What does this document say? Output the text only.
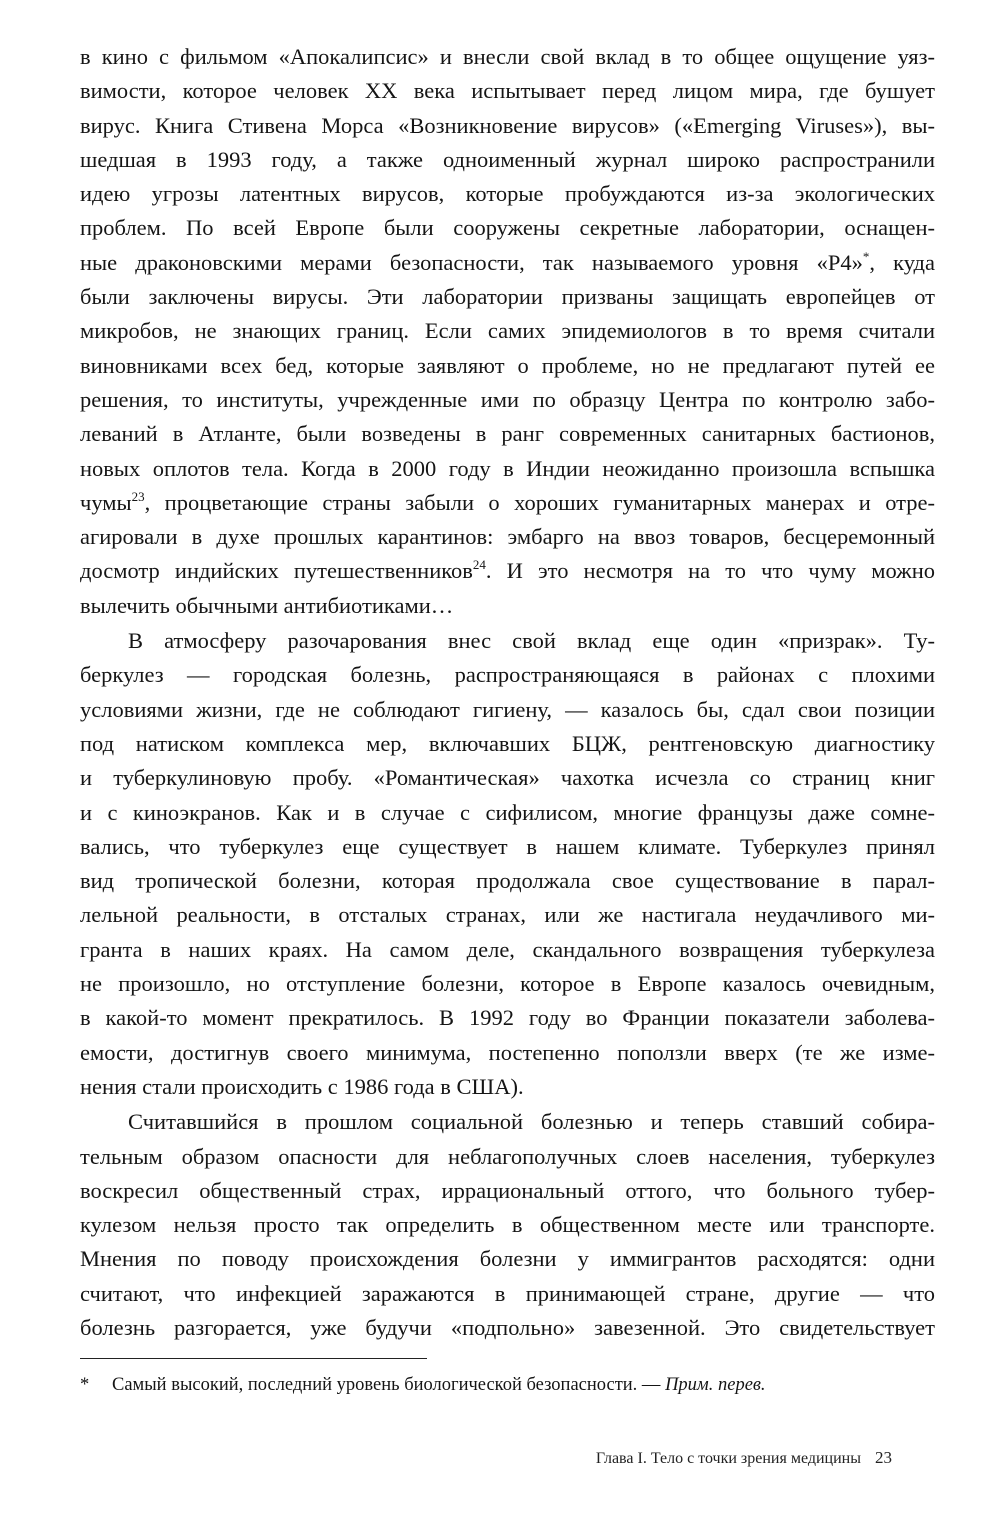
в кино с фильмом «Апокалипсис» и внесли свой вклад в то общее ощущение уяз-
вимости, которое человек XX века испытывает перед лицом мира, где бушует
вирус. Книга Стивена Морса «Возникновение вирусов» («Emerging Viruses»), вы-
шедшая в 1993 году, а также одноименный журнал широко распространили
идею угрозы латентных вирусов, которые пробуждаются из-за экологических
проблем. По всей Европе были сооружены секретные лаборатории, оснащен-
ные драконовскими мерами безопасности, так называемого уровня «Р4»*, куда
были заключены вирусы. Эти лаборатории призваны защищать европейцев от
микробов, не знающих границ. Если самих эпидемиологов в то время считали
виновниками всех бед, которые заявляют о проблеме, но не предлагают путей ее
решения, то институты, учрежденные ими по образцу Центра по контролю забо-
леваний в Атланте, были возведены в ранг современных санитарных бастионов,
новых оплотов тела. Когда в 2000 году в Индии неожиданно произошла вспышка
чумы$^{23}$, процветающие страны забыли о хороших гуманитарных манерах и отре-
агировали в духе прошлых карантинов: эмбарго на ввоз товаров, бесцеремонный
досмотр индийских путешественников$^{24}$. И это несмотря на то что чуму можно
вылечить обычными антибиотиками…
В атмосферу разочарования внес свой вклад еще один «призрак». Ту-
беркулез — городская болезнь, распространяющаяся в районах с плохими
условиями жизни, где не соблюдают гигиену, — казалось бы, сдал свои позиции
под натиском комплекса мер, включавших БЦЖ, рентгеновскую диагностику
и туберкулиновую пробу. «Романтическая» чахотка исчезла со страниц книг
и с киноэкранов. Как и в случае с сифилисом, многие французы даже сомне-
вались, что туберкулез еще существует в нашем климате. Туберкулез принял
вид тропической болезни, которая продолжала свое существование в парал-
лельной реальности, в отсталых странах, или же настигала неудачливого ми-
гранта в наших краях. На самом деле, скандального возвращения туберкулеза
не произошло, но отступление болезни, которое в Европе казалось очевидным,
в какой-то момент прекратилось. В 1992 году во Франции показатели заболева-
емости, достигнув своего минимума, постепенно поползли вверх (те же изме-
нения стали происходить с 1986 года в США).
Считавшийся в прошлом социальной болезнью и теперь ставший собира-
тельным образом опасности для неблагополучных слоев населения, туберкулез
воскресил общественный страх, иррациональный оттого, что больного тубер-
кулезом нельзя просто так определить в общественном месте или транспорте.
Мнения по поводу происхождения болезни у иммигрантов расходятся: одни
считают, что инфекцией заражаются в принимающей стране, другие — что
болезнь разгорается, уже будучи «подпольно» завезенной. Это свидетельствует
* Самый высокий, последний уровень биологической безопасности. — Прим. перев.
Глава I. Тело с точки зрения медицины 23
